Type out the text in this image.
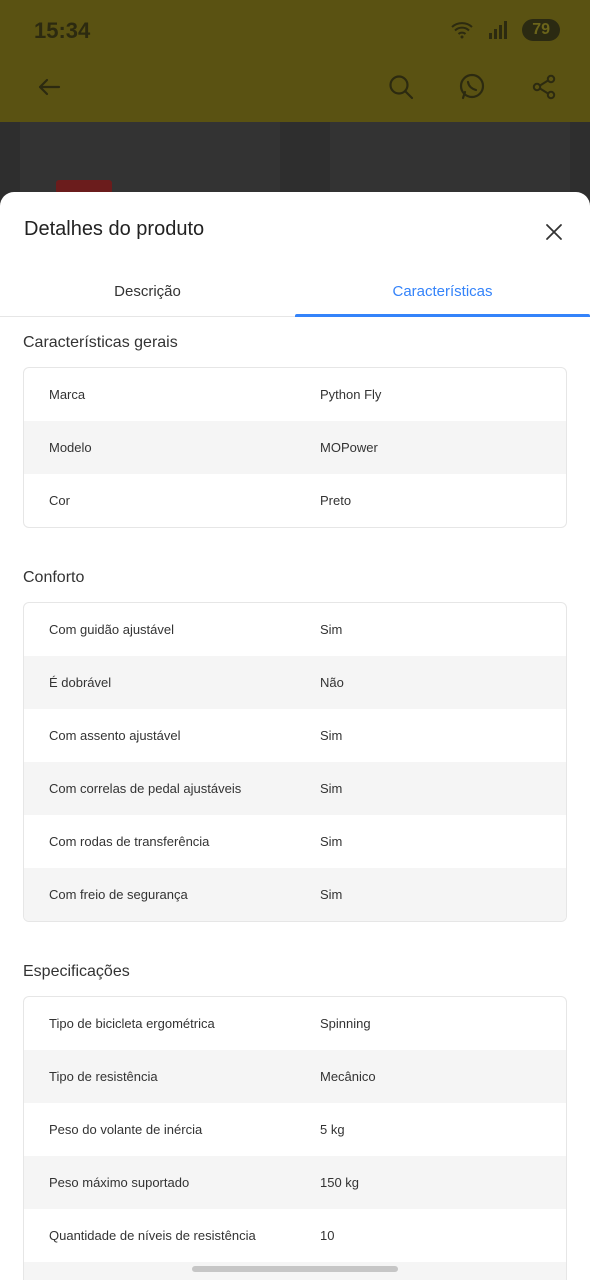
15:34	79
Detalhes do produto
Descrição	Características
Características gerais
Marca	Python Fly
Modelo	MOPower
Cor	Preto
Conforto
Com guidão ajustável	Sim
É dobrável	Não
Com assento ajustável	Sim
Com correlas de pedal ajustáveis	Sim
Com rodas de transferência	Sim
Com freio de segurança	Sim
Especificações
Tipo de bicicleta ergométrica	Spinning
Tipo de resistência	Mecânico
Peso do volante de inércia	5 kg
Peso máximo suportado	150 kg
Quantidade de níveis de resistência	10
